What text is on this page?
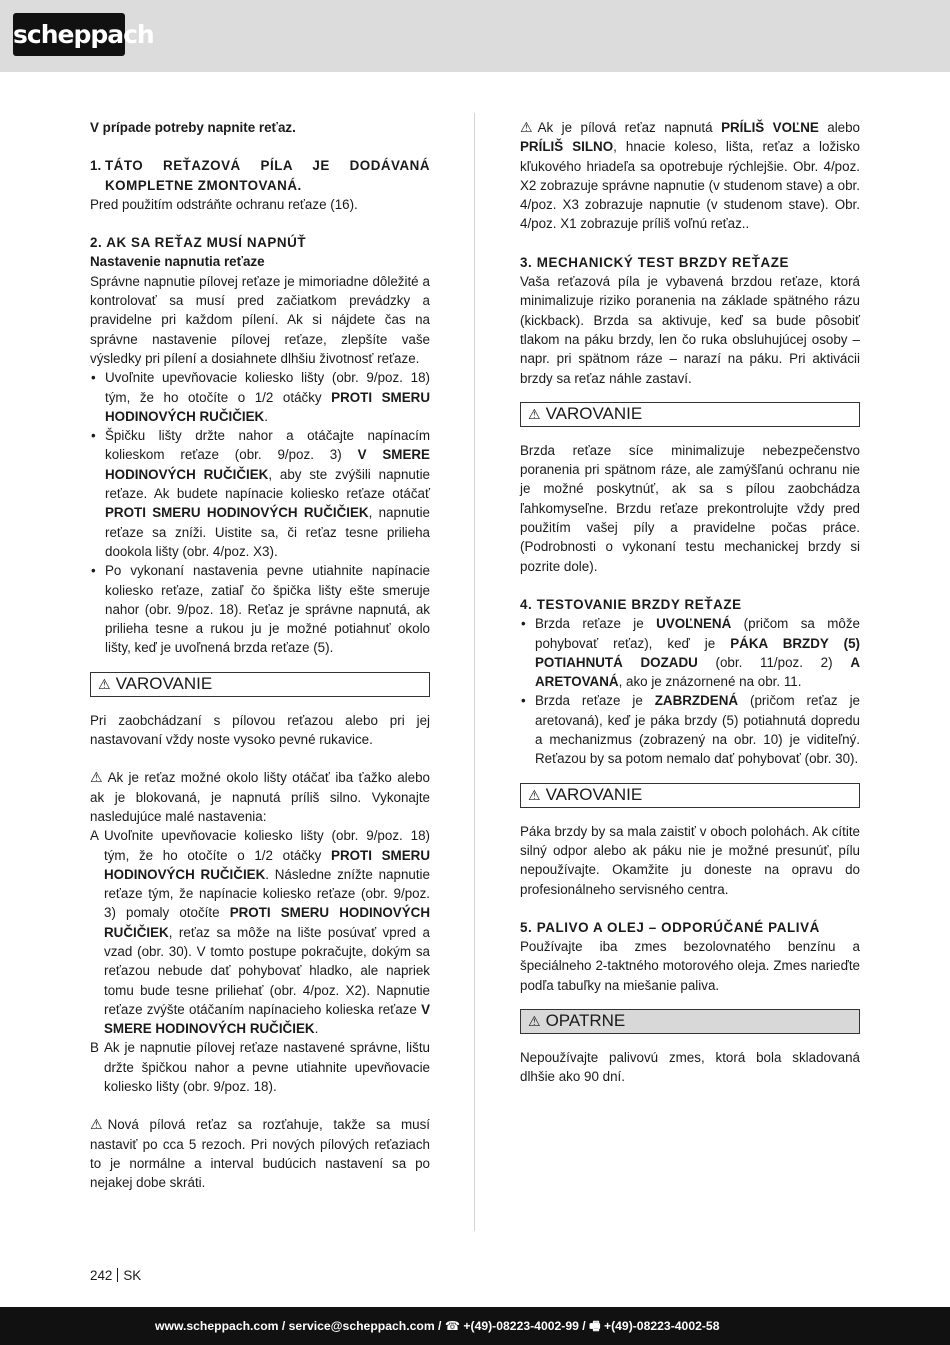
scheppach

V prípade potreby napnite reťaz.

1. TÁTO REŤAZOVÁ PÍLA JE DODÁVANÁ KOMPLETNE ZMONTOVANÁ.

Pred použitím odstráňte ochranu reťaze (16).

2. AK SA REŤAZ MUSÍ NAPNÚŤ

Nastavenie napnutia reťaze

Správne napnutie pílovej reťaze je mimoriadne dôležité a kontrolovať sa musí pred začiatkom prevádzky a pravidelne pri každom pílení. Ak si nájdete čas na správne nastavenie pílovej reťaze, zlepšíte vaše výsledky pri pílení a dosiahnete dlhšiu životnosť reťaze.

• Uvoľnite upevňovacie koliesko lišty (obr. 9/poz. 18) tým, že ho otočíte o 1/2 otáčky PROTI SMERU HODINOVÝCH RUČIČIEK.
• Špičku lišty držte nahor a otáčajte napínacím kolieskom reťaze (obr. 9/poz. 3) V SMERE HODINOVÝCH RUČIČIEK, aby ste zvýšili napnutie reťaze. Ak budete napínacie koliesko reťaze otáčať PROTI SMERU HODINOVÝCH RUČIČIEK, napnutie reťaze sa zníži. Uistite sa, či reťaz tesne prilieha dookola lišty (obr. 4/poz. X3).
• Po vykonaní nastavenia pevne utiahnite napínacie koliesko reťaze, zatiaľ čo špička lišty ešte smeruje nahor (obr. 9/poz. 18). Reťaz je správne napnutá, ak prilieha tesne a rukou ju je možné potiahnuť okolo lišty, keď je uvoľnená brzda reťaze (5).
⚠ VAROVANIE

Pri zaobchádzaní s pílovou reťazou alebo pri jej nastavovaní vždy noste vysoko pevné rukavice.

⚠ Ak je reťaz možné okolo lišty otáčať iba ťažko alebo ak je blokovaná, je napnutá príliš silno. Vykonajte nasledujúce malé nastavenia:

A Uvoľnite upevňovacie koliesko lišty (obr. 9/poz. 18) tým, že ho otočíte o 1/2 otáčky PROTI SMERU HODINOVÝCH RUČIČIEK. Následne znížte napnutie reťaze tým, že napínacie koliesko reťaze (obr. 9/poz. 3) pomaly otočíte PROTI SMERU HODINOVÝCH RUČIČIEK, reťaz sa môže na lište posúvať vpred a vzad (obr. 30). V tomto postupe pokračujte, dokým sa reťazou nebude dať pohybovať hladko, ale napriek tomu bude tesne priliehať (obr. 4/poz. X2). Napnutie reťaze zvýšte otáčaním napínacieho kolieska reťaze V SMERE HODINOVÝCH RUČIČIEK.
B Ak je napnutie pílovej reťaze nastavené správne, lištu držte špičkou nahor a pevne utiahnite upevňovacie koliesko lišty (obr. 9/poz. 18).

⚠ Nová pílová reťaz sa rozťahuje, takže sa musí nastaviť po cca 5 rezoch. Pri nových pílových reťaziach to je normálne a interval budúcich nastavení sa po nejakej dobe skráti.

⚠ Ak je pílová reťaz napnutá PRÍLIŠ VOĽNE alebo PRÍLIŠ SILNO, hnacie koleso, lišta, reťaz a ložisko kľukového hriadeľa sa opotrebuje rýchlejšie. Obr. 4/poz. X2 zobrazuje správne napnutie (v studenom stave) a obr. 4/poz. X3 zobrazuje napnutie (v studenom stave). Obr. 4/poz. X1 zobrazuje príliš voľnú reťaz..

3. MECHANICKÝ TEST BRZDY REŤAZE

Vaša reťazová píla je vybavená brzdou reťaze, ktorá minimalizuje riziko poranenia na základe spätného rázu (kickback). Brzda sa aktivuje, keď sa bude pôsobiť tlakom na páku brzdy, len čo ruka obsluhujúcej osoby – napr. pri spätnom ráze – narazí na páku. Pri aktivácii brzdy sa reťaz náhle zastaví.

⚠ VAROVANIE

Brzda reťaze síce minimalizuje nebezpečenstvo poranenia pri spätnom ráze, ale zamýšľanú ochranu nie je možné poskytnúť, ak sa s pílou zaobchádza ľahkomyseľne. Brzdu reťaze prekontrolujte vždy pred použitím vašej píly a pravidelne počas práce. (Podrobnosti o vykonaní testu mechanickej brzdy si pozrite dole).

4. TESTOVANIE BRZDY REŤAZE

• Brzda reťaze je UVOĽNENÁ (pričom sa môže pohybovať reťaz), keď je PÁKA BRZDY (5) POTIAHNUTÁ DOZADU (obr. 11/poz. 2) A ARETOVANÁ, ako je znázornené na obr. 11.
• Brzda reťaze je ZABRZDENÁ (pričom reťaz je aretovaná), keď je páka brzdy (5) potiahnutá dopredu a mechanizmus (zobrazený na obr. 10) je viditeľný. Reťazou by sa potom nemalo dať pohybovať (obr. 30).
⚠ VAROVANIE

Páka brzdy by sa mala zaistiť v oboch polohách. Ak cítite silný odpor alebo ak páku nie je možné presunúť, pílu nepoužívajte. Okamžite ju doneste na opravu do profesionálneho servisného centra.

5. PALIVO A OLEJ – ODPORÚČANÉ PALIVÁ

Používajte iba zmes bezolovnatého benzínu a špeciálneho 2-taktného motorového oleja. Zmes narieďte podľa tabuľky na miešanie paliva.

⚠ OPATRNE

Nepoužívajte palivovú zmes, ktorá bola skladovaná dlhšie ako 90 dní.

242 SK
www.scheppach.com / service@scheppach.com / ☎ +(49)-08223-4002-99 / 🖷 +(49)-08223-4002-58
